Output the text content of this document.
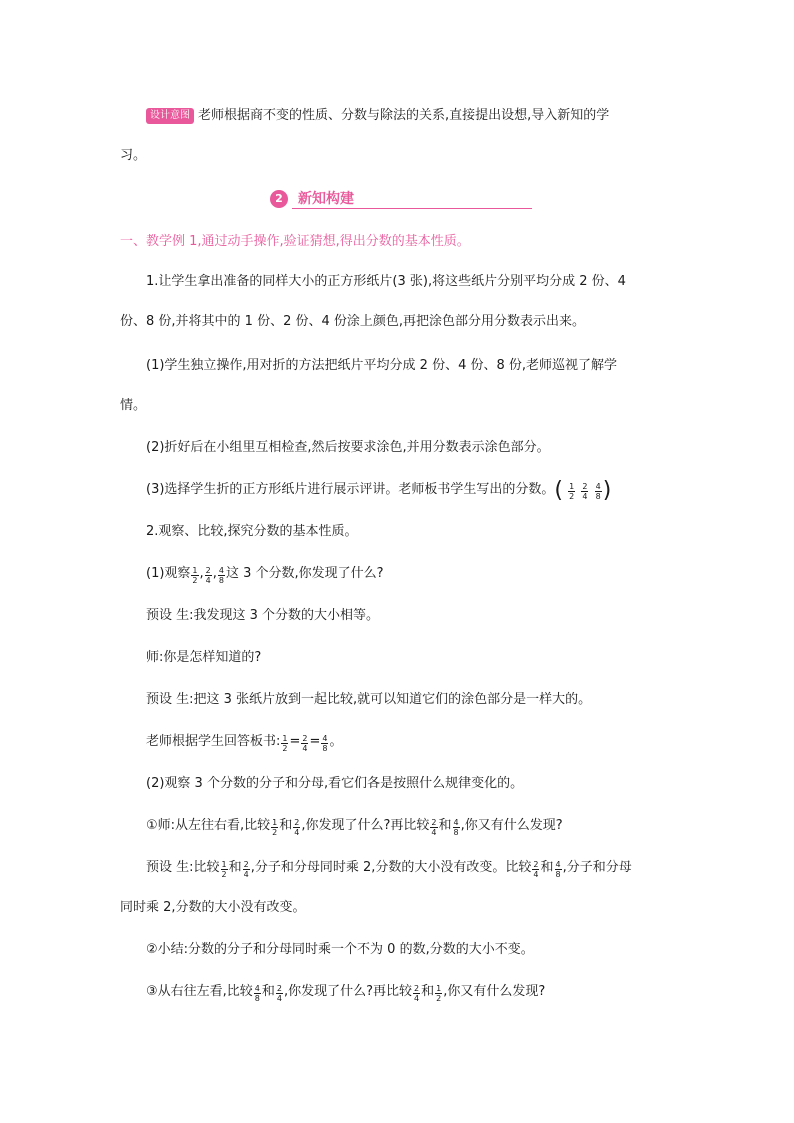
设计意图 老师根据商不变的性质、分数与除法的关系,直接提出设想,导入新知的学
习。
2	新知构建
一、教学例 1,通过动手操作,验证猜想,得出分数的基本性质。
1.让学生拿出准备的同样大小的正方形纸片(3 张),将这些纸片分别平均分成 2 份、4
份、8 份,并将其中的 1 份、2 份、4 份涂上颜色,再把涂色部分用分数表示出来。
(1)学生独立操作,用对折的方法把纸片平均分成 2 份、4 份、8 份,老师巡视了解学
情。
(2)折好后在小组里互相检查,然后按要求涂色,并用分数表示涂色部分。
(3)选择学生折的正方形纸片进行展示评讲。老师板书学生写出的分数。( $\frac{1}{2}$
$\frac{2}{4}$
$\frac{4}{8}$ )
2.观察、比较,探究分数的基本性质。
(1)观察 $\frac{1}{2}$ , $\frac{2}{4}$ , $\frac{4}{8}$ 这 3 个分数,你发现了什么?
预设 生:我发现这 3 个分数的大小相等。
师:你是怎样知道的?
预设 生:把这 3 张纸片放到一起比较,就可以知道它们的涂色部分是一样大的。
老师根据学生回答板书: $\frac{1}{2} = \frac{2}{4} = \frac{4}{8}$ 。
(2)观察 3 个分数的分子和分母,看它们各是按照什么规律变化的。
①师:从左往右看,比较 $\frac{1}{2}$ 和 $\frac{2}{4}$ ,你发现了什么?再比较 $\frac{2}{4}$ 和 $\frac{4}{8}$ ,你又有什么发现?
预设 生:比较 $\frac{1}{2}$ 和 $\frac{2}{4}$ ,分子和分母同时乘 2,分数的大小没有改变。比较 $\frac{2}{4}$ 和 $\frac{4}{8}$ ,分子和分母
同时乘 2,分数的大小没有改变。
②小结:分数的分子和分母同时乘一个不为 0 的数,分数的大小不变。
③从右往左看,比较 $\frac{4}{8}$ 和 $\frac{2}{4}$ ,你发现了什么?再比较 $\frac{2}{4}$ 和 $\frac{1}{2}$ ,你又有什么发现?
